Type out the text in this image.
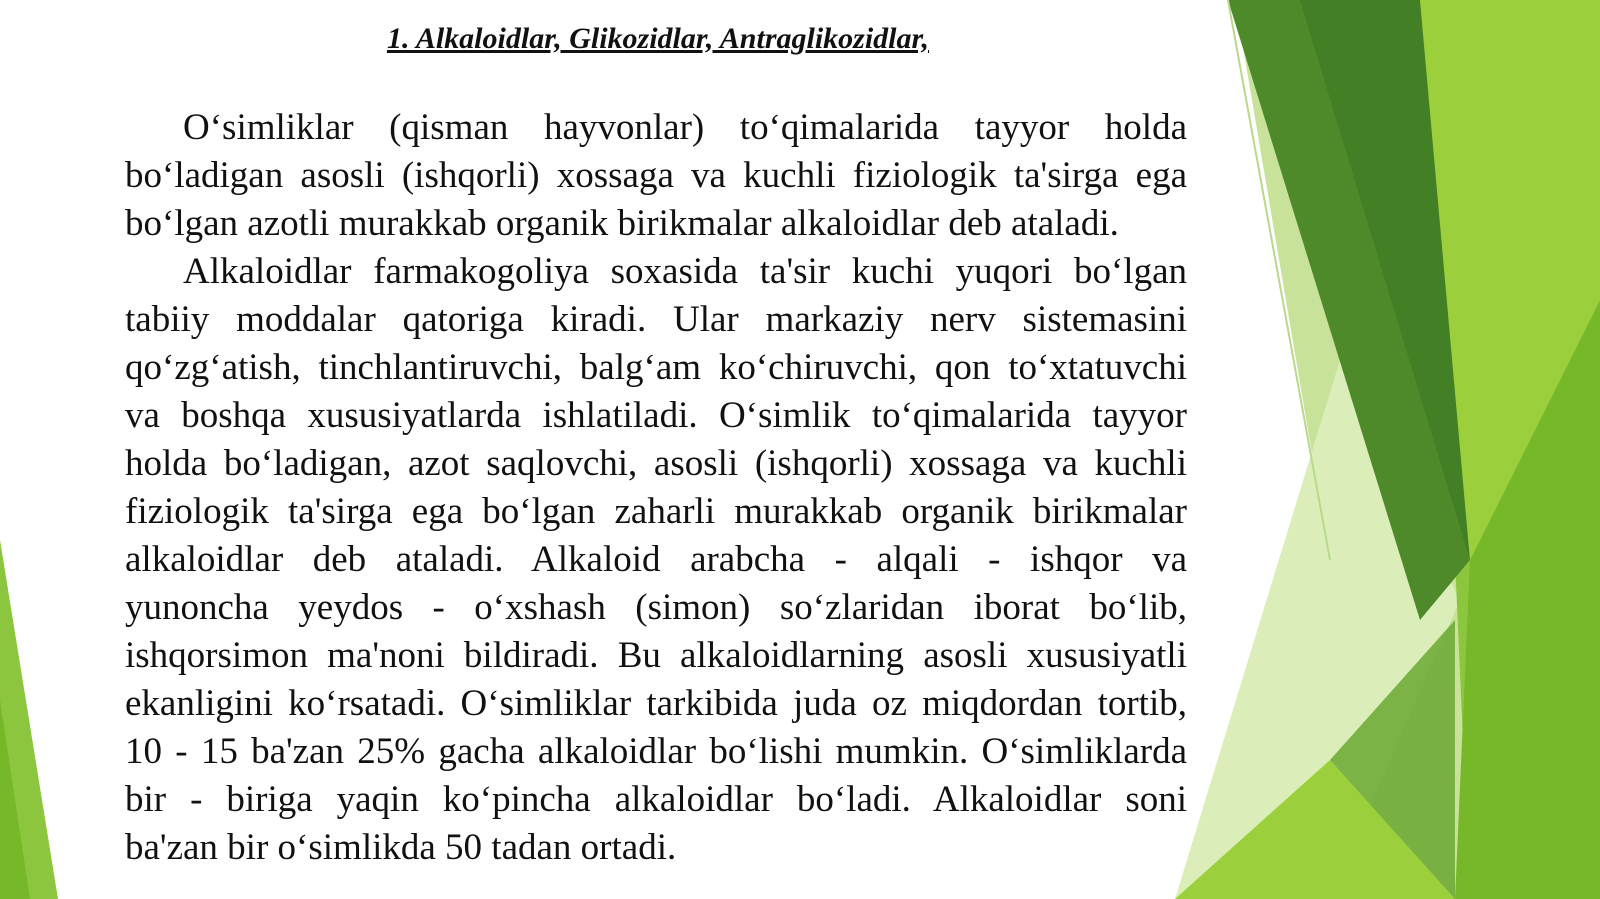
1. Alkaloidlar, Glikozidlar, Antraglikozidlar,
O‘simliklar (qisman hayvonlar) to‘qimalarida tayyor holda
bo‘ladigan asosli (ishqorli) xossaga va kuchli fiziologik ta'sirga ega
bo‘lgan azotli murakkab organik birikmalar alkaloidlar deb ataladi.
Alkaloidlar farmakogoliya soxasida ta'sir kuchi yuqori bo‘lgan
tabiiy moddalar qatoriga kiradi. Ular markaziy nerv sistemasini
qo‘zg‘atish, tinchlantiruvchi, balg‘am ko‘chiruvchi, qon to‘xtatuvchi
va boshqa xususiyatlarda ishlatiladi. O‘simlik to‘qimalarida tayyor
holda bo‘ladigan, azot saqlovchi, asosli (ishqorli) xossaga va kuchli
fiziologik ta'sirga ega bo‘lgan zaharli murakkab organik birikmalar
alkaloidlar deb ataladi. Alkaloid arabcha - alqali - ishqor va
yunoncha yeydos - o‘xshash (simon) so‘zlaridan iborat bo‘lib,
ishqorsimon ma'noni bildiradi. Bu alkaloidlarning asosli xususiyatli
ekanligini ko‘rsatadi. O‘simliklar tarkibida juda oz miqdordan tortib,
10 - 15 ba'zan 25% gacha alkaloidlar bo‘lishi mumkin. O‘simliklarda
bir - biriga yaqin ko‘pincha alkaloidlar bo‘ladi. Alkaloidlar soni
ba'zan bir o‘simlikda 50 tadan ortadi.
